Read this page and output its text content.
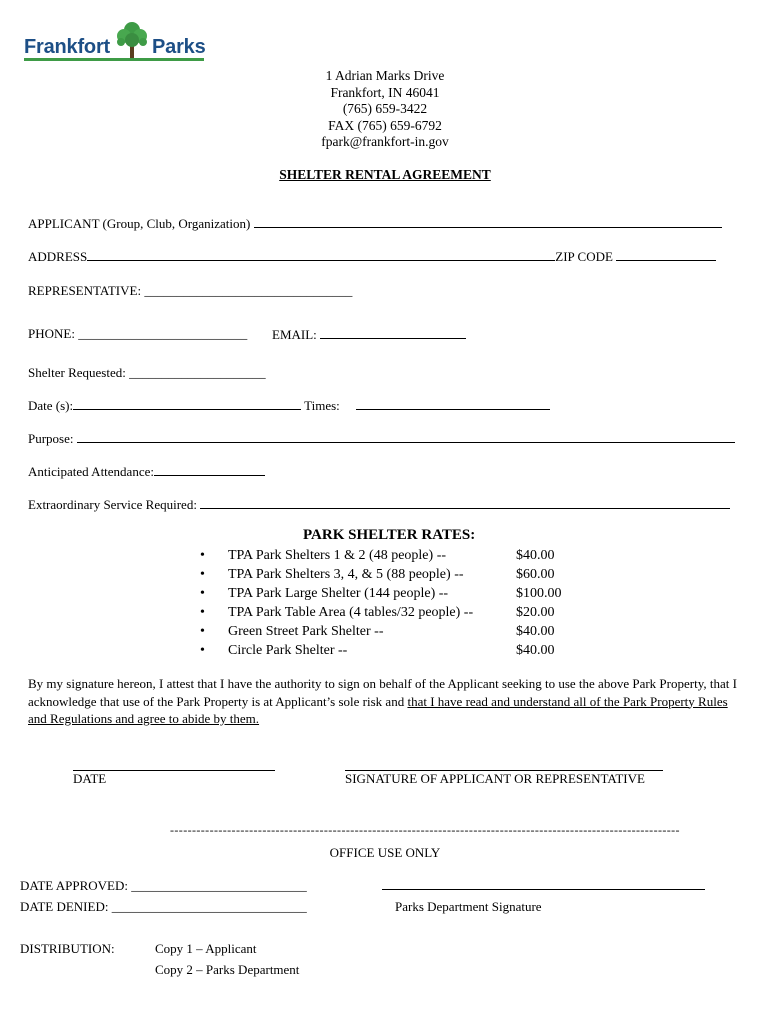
Frankfort Parks
1 Adrian Marks Drive
Frankfort, IN 46041
(765) 659-3422
FAX (765) 659-6792
fpark@frankfort-in.gov
SHELTER RENTAL AGREEMENT
APPLICANT (Group, Club, Organization)
ADDRESS	ZIP CODE
REPRESENTATIVE: ________________________________
PHONE: __________________________ EMAIL:
Shelter Requested: _____________________
Date (s):	Times:
Purpose:
Anticipated Attendance:
Extraordinary Service Required:
PARK SHELTER RATES:
• TPA Park Shelters 1 & 2 (48 people) --	$40.00
• TPA Park Shelters 3, 4, & 5 (88 people) --	$60.00
• TPA Park Large Shelter (144 people) --	$100.00
• TPA Park Table Area (4 tables/32 people) --	$20.00
• Green Street Park Shelter --	$40.00
• Circle Park Shelter --	$40.00
By my signature hereon, I attest that I have the authority to sign on behalf of the Applicant seeking to use the above Park Property, that I acknowledge that use of the Park Property is at Applicant’s sole risk and that I have read and understand all of the Park Property Rules and Regulations and agree to abide by them.
DATE	SIGNATURE OF APPLICANT OR REPRESENTATIVE
--------------------------------------------------------------------------------------------------------------------
OFFICE USE ONLY
DATE APPROVED: ___________________________
DATE DENIED: ______________________________	Parks Department Signature
DISTRIBUTION:	Copy 1 – Applicant
Copy 2 – Parks Department
